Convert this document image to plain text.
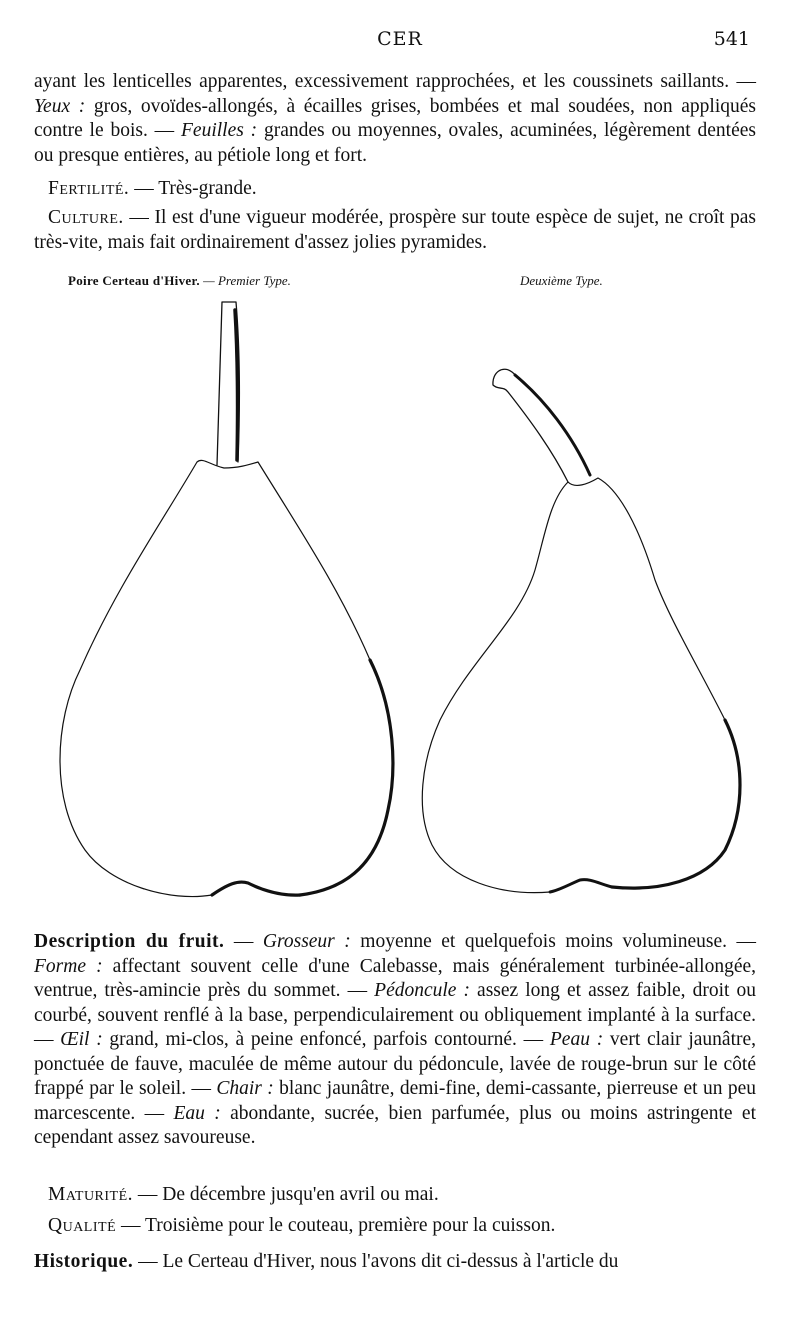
CER	541

ayant les lenticelles apparentes, excessivement rapprochées, et les coussinets saillants. — Yeux : gros, ovoïdes-allongés, à écailles grises, bombées et mal soudées, non appliqués contre le bois. — Feuilles : grandes ou moyennes, ovales, acuminées, légèrement dentées ou presque entières, au pétiole long et fort.

Fertilité. — Très-grande.

Culture. — Il est d'une vigueur modérée, prospère sur toute espèce de sujet, ne croît pas très-vite, mais fait ordinairement d'assez jolies pyramides.

Poire Certeau d'Hiver. — Premier Type.	Deuxième Type.

Description du fruit. — Grosseur : moyenne et quelquefois moins volumineuse. — Forme : affectant souvent celle d'une Calebasse, mais généralement turbinée-allongée, ventrue, très-amincie près du sommet. — Pédoncule : assez long et assez faible, droit ou courbé, souvent renflé à la base, perpendiculairement ou obliquement implanté à la surface. — Œil : grand, mi-clos, à peine enfoncé, parfois contourné. — Peau : vert clair jaunâtre, ponctuée de fauve, maculée de même autour du pédoncule, lavée de rouge-brun sur le côté frappé par le soleil. — Chair : blanc jaunâtre, demi-fine, demi-cassante, pierreuse et un peu marcescente. — Eau : abondante, sucrée, bien parfumée, plus ou moins astringente et cependant assez savoureuse.

Maturité. — De décembre jusqu'en avril ou mai.

Qualité — Troisième pour le couteau, première pour la cuisson.

Historique. — Le Certeau d'Hiver, nous l'avons dit ci-dessus à l'article du
